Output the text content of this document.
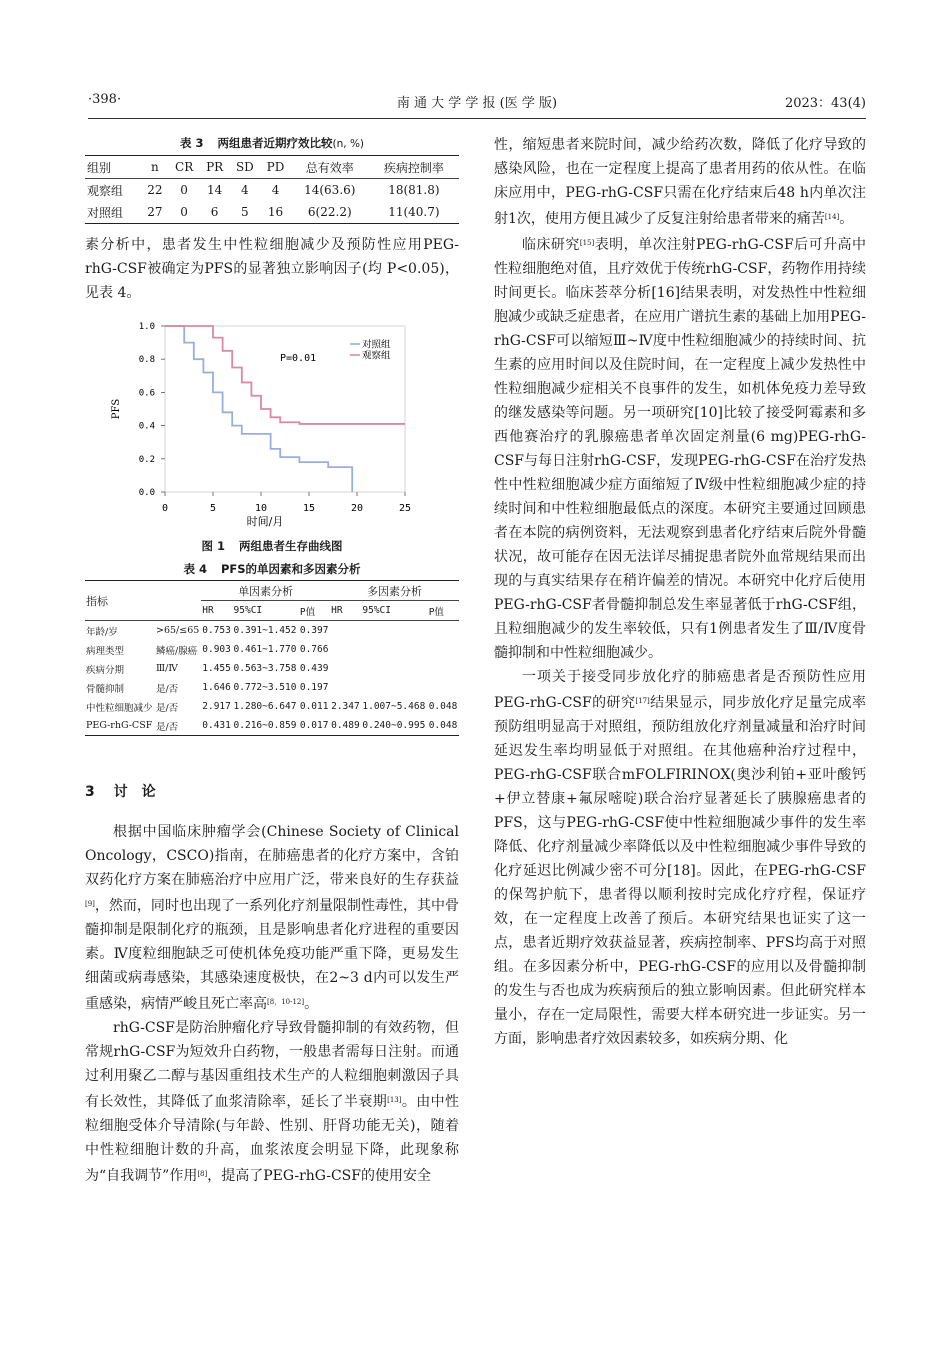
·398·	南 通 大 学 学 报 (医 学 版)	2023：43(4)
表 3 两组患者近期疗效比较(n, %)
组别	n	CR	PR	SD	PD	总有效率	疾病控制率
观察组	22	0	14	4	4	14(63.6)	18(81.8)
对照组	27	0	6	5	16	6(22.2)	11(40.7)

素分析中，患者发生中性粒细胞减少及预防性应用PEG-rhG-CSF被确定为PFS的显著独立影响因子(均 P<0.05)，见表 4。

0.0
0.2
0.4
0.6
0.8
1.0
0	5	10	15	20	25
PFS
时间/月
P=0.01
对照组
观察组
图 1 两组患者生存曲线图
表 4 PFS的单因素和多因素分析
指标		单因素分析			多因素分析		
		HR	95%CI	P值	HR	95%CI	P值
年龄/岁	>65/≤65	0.753	0.391~1.452	0.397			
病理类型	鳞癌/腺癌	0.903	0.461~1.770	0.766			
疾病分期	Ⅲ/Ⅳ	1.455	0.563~3.758	0.439			
骨髓抑制	是/否	1.646	0.772~3.510	0.197			
中性粒细胞减少	是/否	2.917	1.280~6.647	0.011	2.347	1.007~5.468	0.048
PEG-rhG-CSF	是/否	0.431	0.216~0.859	0.017	0.489	0.240~0.995	0.048
3 讨　论

根据中国临床肿瘤学会(Chinese Society of Clinical Oncology，CSCO)指南，在肺癌患者的化疗方案中，含铂双药化疗方案在肺癌治疗中应用广泛，带来良好的生存获益[9]，然而，同时也出现了一系列化疗剂量限制性毒性，其中骨髓抑制是限制化疗的瓶颈，且是影响患者化疗进程的重要因素。Ⅳ度粒细胞缺乏可使机体免疫功能严重下降，更易发生细菌或病毒感染，其感染速度极快，在2~3 d内可以发生严重感染，病情严峻且死亡率高[8，10-12]。

rhG-CSF是防治肿瘤化疗导致骨髓抑制的有效药物，但常规rhG-CSF为短效升白药物，一般患者需每日注射。而通过利用聚乙二醇与基因重组技术生产的人粒细胞刺激因子具有长效性，其降低了血浆清除率，延长了半衰期[13]。由中性粒细胞受体介导清除(与年龄、性别、肝肾功能无关)，随着中性粒细胞计数的升高，血浆浓度会明显下降，此现象称为“自我调节”作用[8]，提高了PEG-rhG-CSF的使用安全

性，缩短患者来院时间，减少给药次数，降低了化疗导致的感染风险，也在一定程度上提高了患者用药的依从性。在临床应用中，PEG-rhG-CSF只需在化疗结束后48 h内单次注射1次，使用方便且减少了反复注射给患者带来的痛苦[14]。

临床研究[15]表明，单次注射PEG-rhG-CSF后可升高中性粒细胞绝对值，且疗效优于传统rhG-CSF，药物作用持续时间更长。临床荟萃分析[16]结果表明，对发热性中性粒细胞减少或缺乏症患者，在应用广谱抗生素的基础上加用PEG-rhG-CSF可以缩短Ⅲ~Ⅳ度中性粒细胞减少的持续时间、抗生素的应用时间以及住院时间，在一定程度上减少发热性中性粒细胞减少症相关不良事件的发生，如机体免疫力差导致的继发感染等问题。另一项研究[10]比较了接受阿霉素和多西他赛治疗的乳腺癌患者单次固定剂量(6 mg)PEG-rhG-CSF与每日注射rhG-CSF，发现PEG-rhG-CSF在治疗发热性中性粒细胞减少症方面缩短了Ⅳ级中性粒细胞减少症的持续时间和中性粒细胞最低点的深度。本研究主要通过回顾患者在本院的病例资料，无法观察到患者化疗结束后院外骨髓状况，故可能存在因无法详尽捕捉患者院外血常规结果而出现的与真实结果存在稍许偏差的情况。本研究中化疗后使用PEG-rhG-CSF者骨髓抑制总发生率显著低于rhG-CSF组，且粒细胞减少的发生率较低，只有1例患者发生了Ⅲ/Ⅳ度骨髓抑制和中性粒细胞减少。

一项关于接受同步放化疗的肺癌患者是否预防性应用PEG-rhG-CSF的研究[17]结果显示，同步放化疗足量完成率预防组明显高于对照组，预防组放化疗剂量减量和治疗时间延迟发生率均明显低于对照组。在其他癌种治疗过程中，PEG-rhG-CSF联合mFOLFIRINOX(奥沙利铂+亚叶酸钙+伊立替康+氟尿嘧啶)联合治疗显著延长了胰腺癌患者的PFS，这与PEG-rhG-CSF使中性粒细胞减少事件的发生率降低、化疗剂量减少率降低以及中性粒细胞减少事件导致的化疗延迟比例减少密不可分[18]。因此，在PEG-rhG-CSF的保驾护航下，患者得以顺利按时完成化疗疗程，保证疗效，在一定程度上改善了预后。本研究结果也证实了这一点，患者近期疗效获益显著，疾病控制率、PFS均高于对照组。在多因素分析中，PEG-rhG-CSF的应用以及骨髓抑制的发生与否也成为疾病预后的独立影响因素。但此研究样本量小，存在一定局限性，需要大样本研究进一步证实。另一方面，影响患者疗效因素较多，如疾病分期、化
